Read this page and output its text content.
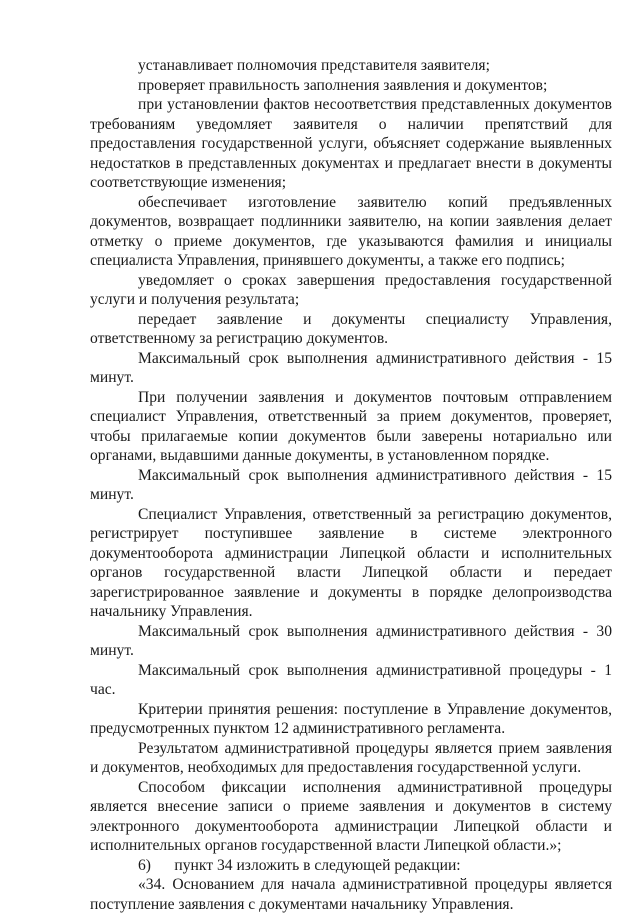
устанавливает полномочия представителя заявителя;

проверяет правильность заполнения заявления и документов;

при установлении фактов несоответствия представленных документов требованиям уведомляет заявителя о наличии препятствий для предоставления государственной услуги, объясняет содержание выявленных недостатков в представленных документах и предлагает внести в документы соответствующие изменения;

обеспечивает изготовление заявителю копий предъявленных документов, возвращает подлинники заявителю, на копии заявления делает отметку о приеме документов, где указываются фамилия и инициалы специалиста Управления, принявшего документы, а также его подпись;

уведомляет о сроках завершения предоставления государственной услуги и получения результата;

передает заявление и документы специалисту Управления, ответственному за регистрацию документов.

Максимальный срок выполнения административного действия - 15 минут.

При получении заявления и документов почтовым отправлением специалист Управления, ответственный за прием документов, проверяет, чтобы прилагаемые копии документов были заверены нотариально или органами, выдавшими данные документы, в установленном порядке.

Максимальный срок выполнения административного действия - 15 минут.

Специалист Управления, ответственный за регистрацию документов, регистрирует поступившее заявление в системе электронного документооборота администрации Липецкой области и исполнительных органов государственной власти Липецкой области и передает зарегистрированное заявление и документы в порядке делопроизводства начальнику Управления.

Максимальный срок выполнения административного действия - 30 минут.

Максимальный срок выполнения административной процедуры - 1 час.

Критерии принятия решения: поступление в Управление документов, предусмотренных пунктом 12 административного регламента.

Результатом административной процедуры является прием заявления и документов, необходимых для предоставления государственной услуги.

Способом фиксации исполнения административной процедуры является внесение записи о приеме заявления и документов в систему электронного документооборота администрации Липецкой области и исполнительных органов государственной власти Липецкой области.»;

6)      пункт 34 изложить в следующей редакции:

«34. Основанием для начала административной процедуры является поступление заявления с документами начальнику Управления.
